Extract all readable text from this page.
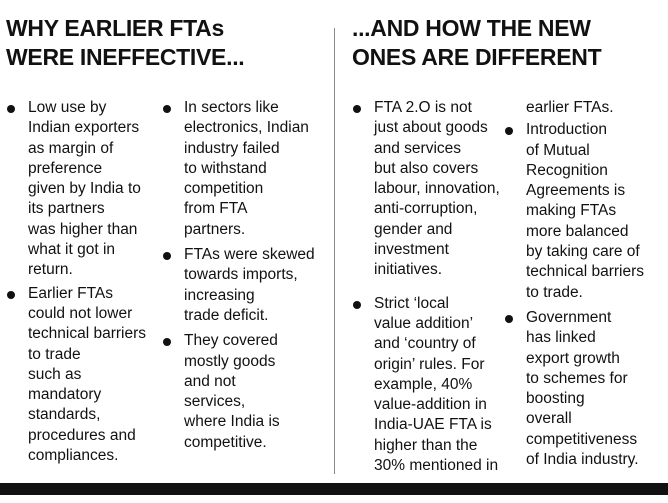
WHY EARLIER FTAs
WERE INEFFECTIVE...
Low use by
Indian exporters
as margin of
preference
given by India to
its partners
was higher than
what it got in
return.
Earlier FTAs
could not lower
technical barriers
to trade
such as
mandatory
standards,
procedures and
compliances.
In sectors like
electronics, Indian
industry failed
to withstand
competition
from FTA
partners.
FTAs were skewed
towards imports,
increasing
trade deficit.
They covered
mostly goods
and not
services,
where India is
competitive.
...AND HOW THE NEW
ONES ARE DIFFERENT
FTA 2.O is not
just about goods
and services
but also covers
labour, innovation,
anti-corruption,
gender and
investment
initiatives.
Strict ‘local
value addition’
and ‘country of
origin’ rules. For
example, 40%
value-addition in
India-UAE FTA is
higher than the
30% mentioned in
earlier FTAs.
Introduction
of Mutual
Recognition
Agreements is
making FTAs
more balanced
by taking care of
technical barriers
to trade.
Government
has linked
export growth
to schemes for
boosting
overall
competitiveness
of India industry.
